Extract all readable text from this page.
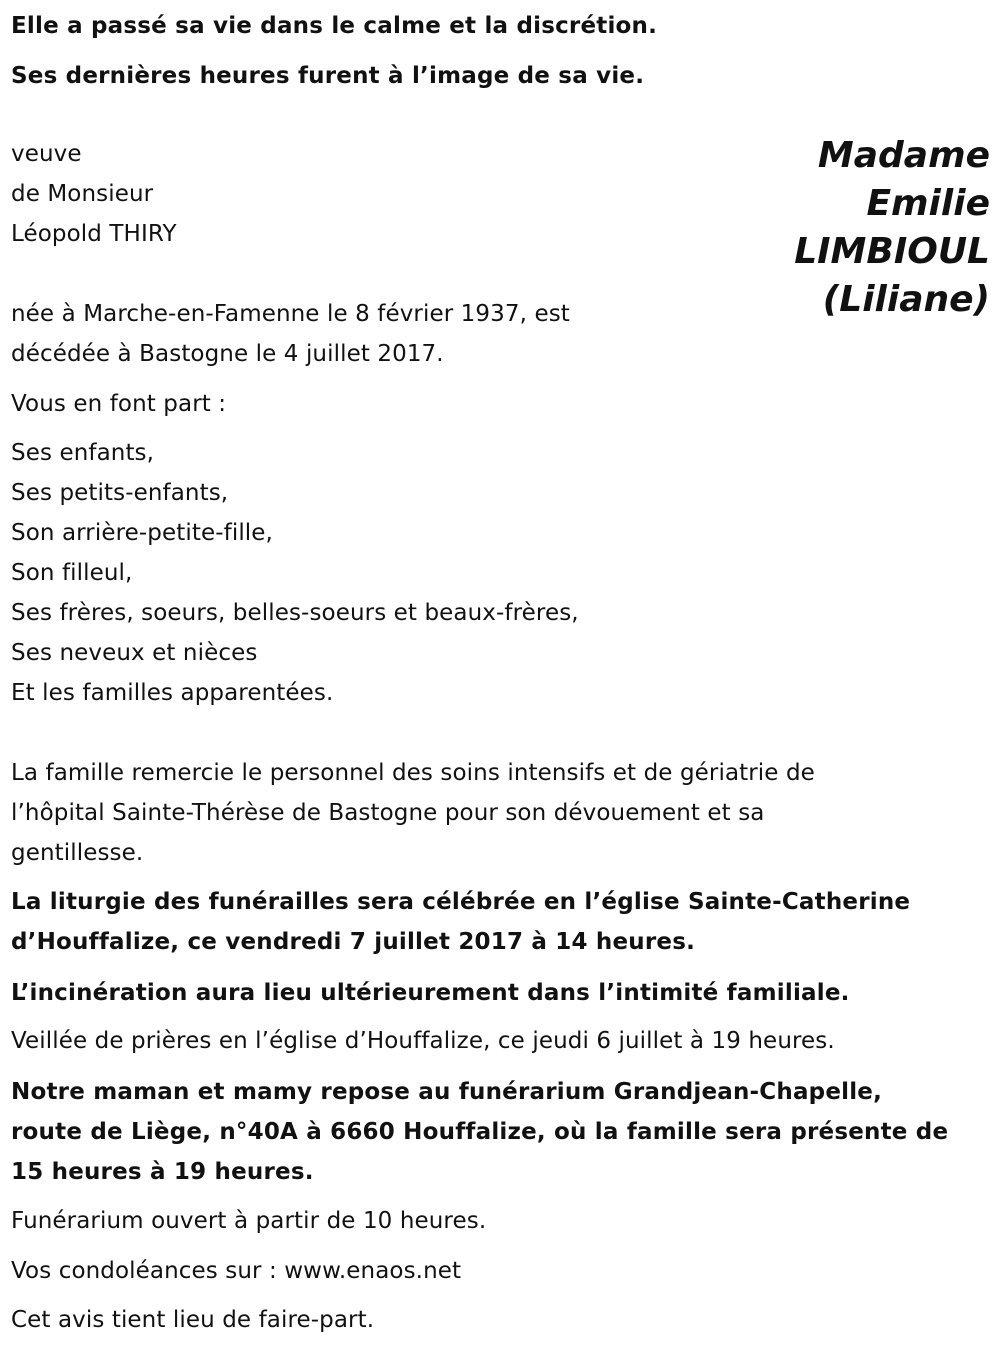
Elle a passé sa vie dans le calme et la discrétion.

Ses dernières heures furent à l’image de sa vie.

Madame
Emilie
LIMBIOUL
(Liliane)

veuve

de Monsieur

Léopold THIRY

née à Marche-en-Famenne le 8 février 1937, est

décédée à Bastogne le 4 juillet 2017.

Vous en font part :

Ses enfants,

Ses petits-enfants,

Son arrière-petite-fille,

Son filleul,

Ses frères, soeurs, belles-soeurs et beaux-frères,

Ses neveux et nièces

Et les familles apparentées.

La famille remercie le personnel des soins intensifs et de gériatrie de

l’hôpital Sainte-Thérèse de Bastogne pour son dévouement et sa

gentillesse.

La liturgie des funérailles sera célébrée en l’église Sainte-Catherine

d’Houffalize, ce vendredi 7 juillet 2017 à 14 heures.

L’incinération aura lieu ultérieurement dans l’intimité familiale.

Veillée de prières en l’église d’Houffalize, ce jeudi 6 juillet à 19 heures.

Notre maman et mamy repose au funérarium Grandjean-Chapelle,

route de Liège, n°40A à 6660 Houffalize, où la famille sera présente de

15 heures à 19 heures.

Funérarium ouvert à partir de 10 heures.

Vos condoléances sur : www.enaos.net

Cet avis tient lieu de faire-part.
